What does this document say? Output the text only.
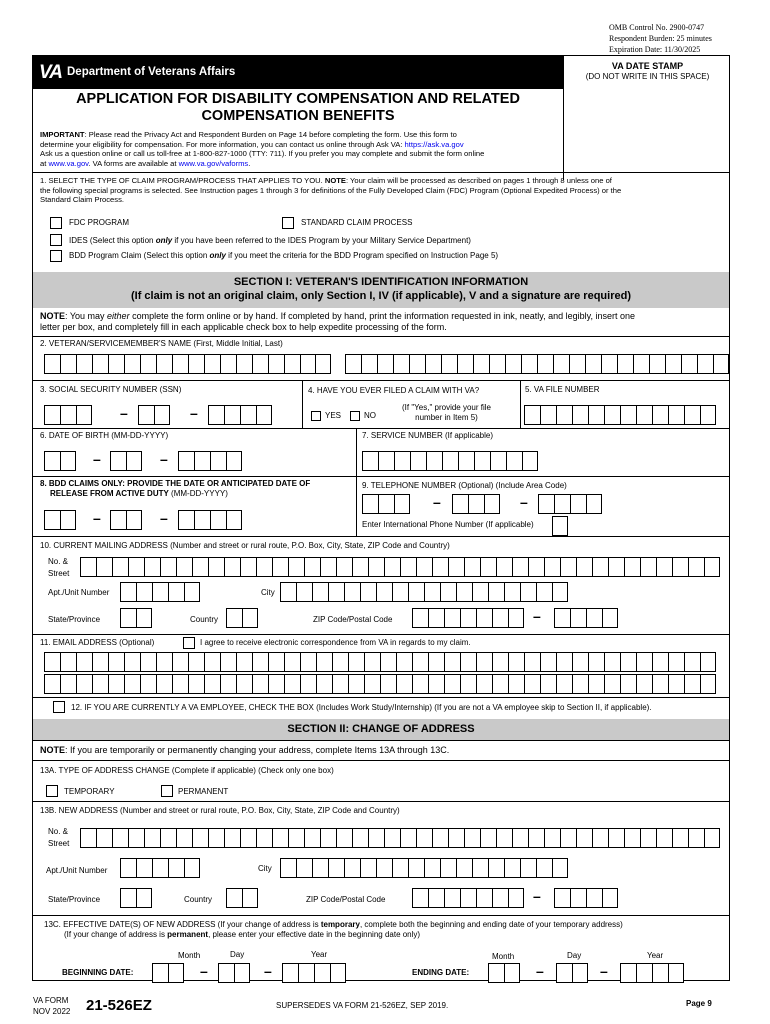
OMB Control No. 2900-0747
Respondent Burden: 25 minutes
Expiration Date: 11/30/2025
VA Department of Veterans Affairs	VA DATE STAMP
(DO NOT WRITE IN THIS SPACE)
APPLICATION FOR DISABILITY COMPENSATION AND RELATED
COMPENSATION BENEFITS
IMPORTANT: Please read the Privacy Act and Respondent Burden on Page 14 before completing the form. Use this form to
determine your eligibility for compensation. For more information, you can contact us online through Ask VA: https://ask.va.gov
Ask us a question online or call us toll-free at 1-800-827-1000 (TTY: 711). If you prefer you may complete and submit the form online
at www.va.gov. VA forms are available at www.va.gov/vaforms.
1. SELECT THE TYPE OF CLAIM PROGRAM/PROCESS THAT APPLIES TO YOU. NOTE: Your claim will be processed as described on pages 1 through 8 unless one of
the following special programs is selected. See Instruction pages 1 through 3 for definitions of the Fully Developed Claim (FDC) Program (Optional Expedited Process) or the
Standard Claim Process.
FDC PROGRAM	STANDARD CLAIM PROCESS
IDES (Select this option only if you have been referred to the IDES Program by your Military Service Department)
BDD Program Claim (Select this option only if you meet the criteria for the BDD Program specified on Instruction Page 5)
SECTION I: VETERAN'S IDENTIFICATION INFORMATION
(If claim is not an original claim, only Section I, IV (if applicable), V and a signature are required)
NOTE: You may either complete the form online or by hand. If completed by hand, print the information requested in ink, neatly, and legibly, insert one
letter per box, and completely fill in each applicable check box to help expedite processing of the form.
2. VETERAN/SERVICEMEMBER'S NAME (First, Middle Initial, Last)
3. SOCIAL SECURITY NUMBER (SSN)	4. HAVE YOU EVER FILED A CLAIM WITH VA?	5. VA FILE NUMBER
–	–	YES	NO
(If "Yes," provide your file
number in Item 5)
6. DATE OF BIRTH (MM-DD-YYYY)	7. SERVICE NUMBER (If applicable)
–	–
8. BDD CLAIMS ONLY: PROVIDE THE DATE OR ANTICIPATED DATE OF
RELEASE FROM ACTIVE DUTY (MM-DD-YYYY)
9. TELEPHONE NUMBER (Optional) (Include Area Code)
–	–
–	–
Enter International Phone Number (If applicable)
10. CURRENT MAILING ADDRESS (Number and street or rural route, P.O. Box, City, State, ZIP Code and Country)
No. &
Street
Apt./Unit Number	City
State/Province	Country	ZIP Code/Postal Code	–
11. EMAIL ADDRESS (Optional)	I agree to receive electronic correspondence from VA in regards to my claim.
12. IF YOU ARE CURRENTLY A VA EMPLOYEE, CHECK THE BOX (Includes Work Study/Internship) (If you are not a VA employee skip to Section II, if applicable).
SECTION II: CHANGE OF ADDRESS
NOTE: If you are temporarily or permanently changing your address, complete Items 13A through 13C.
13A. TYPE OF ADDRESS CHANGE (Complete if applicable) (Check only one box)
TEMPORARY	PERMANENT
13B. NEW ADDRESS (Number and street or rural route, P.O. Box, City, State, ZIP Code and Country)
No. &
Street
Apt./Unit Number	City
State/Province	Country	ZIP Code/Postal Code	–
13C. EFFECTIVE DATE(S) OF NEW ADDRESS (If your change of address is temporary, complete both the beginning and ending date of your temporary address)
(If your change of address is permanent, please enter your effective date in the beginning date only)
Month	Day	Year	Month	Day	Year
BEGINNING DATE:	–	–	ENDING DATE:	–	–
VA FORM
NOV 2022 21-526EZ	SUPERSEDES VA FORM 21-526EZ, SEP 2019.	Page 9
